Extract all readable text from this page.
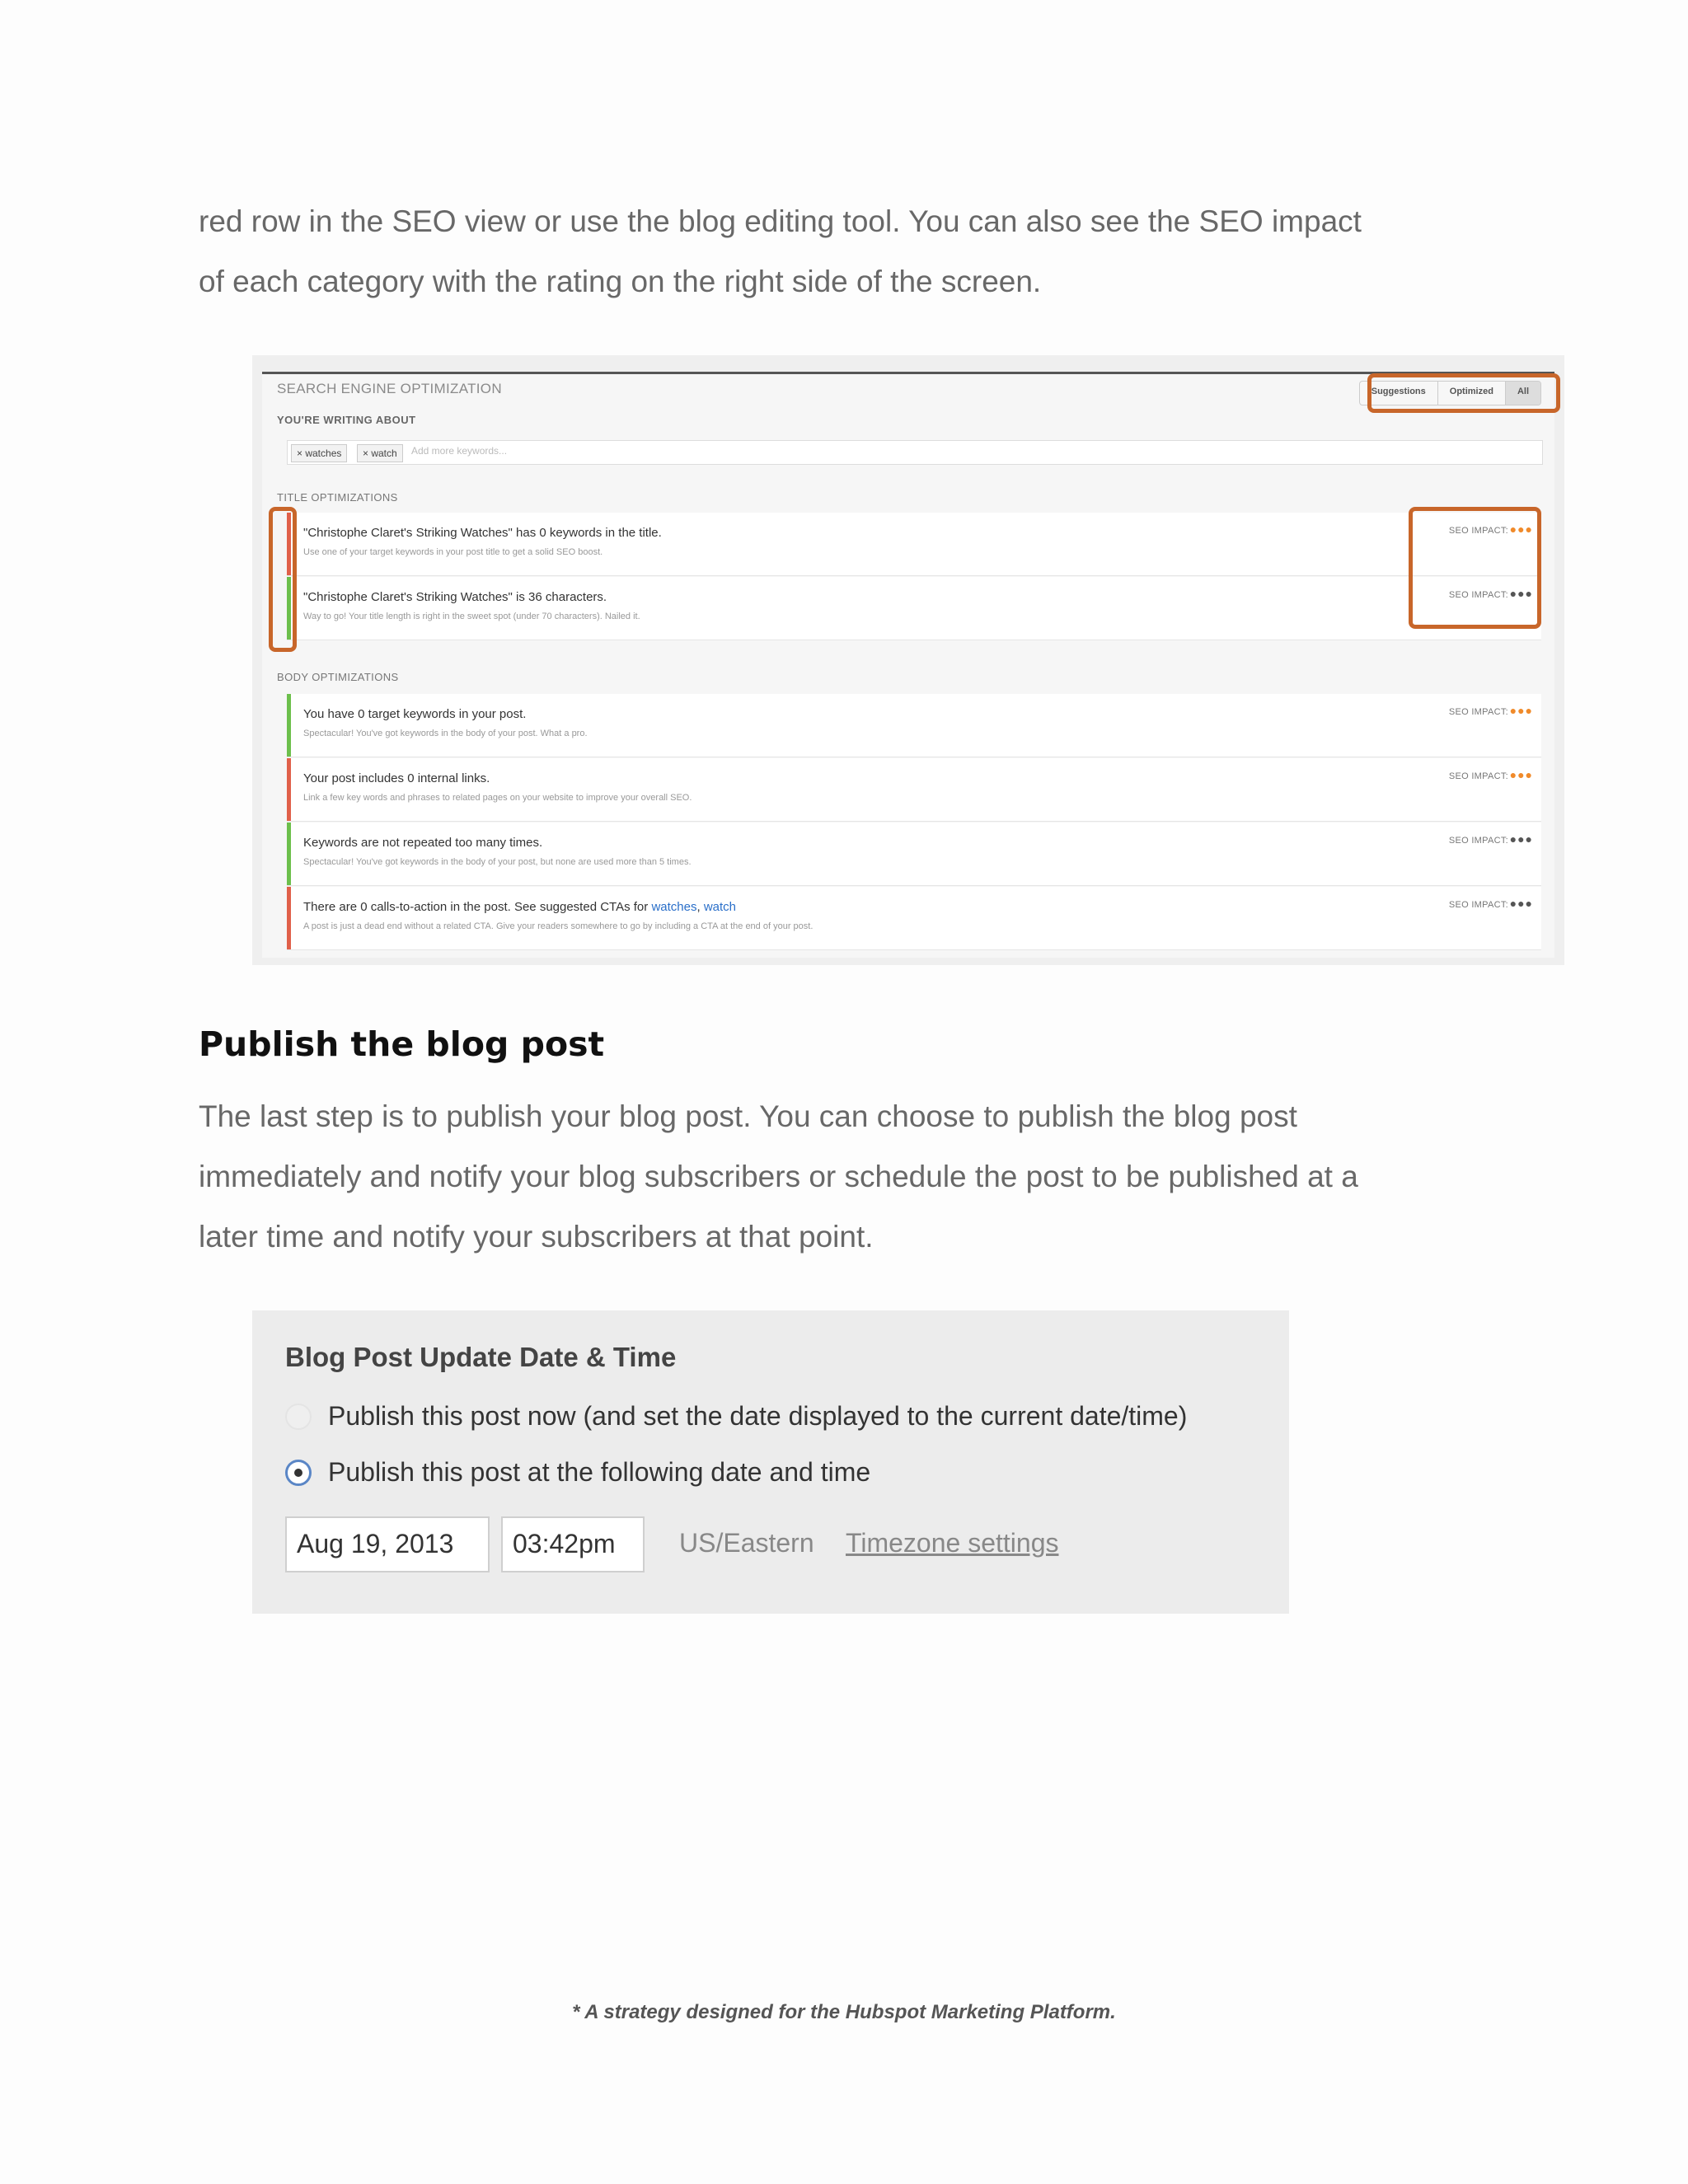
red row in the SEO view or use the blog editing tool. You can also see the SEO impact
of each category with the rating on the right side of the screen.

SEARCH ENGINE OPTIMIZATION	Suggestions	Optimized	All
YOU'RE WRITING ABOUT
× watches	× watch	Add more keywords...
TITLE OPTIMIZATIONS
"Christophe Claret's Striking Watches" has 0 keywords in the title.
Use one of your target keywords in your post title to get a solid SEO boost.
SEO IMPACT: ●●●
"Christophe Claret's Striking Watches" is 36 characters.
Way to go! Your title length is right in the sweet spot (under 70 characters). Nailed it.
SEO IMPACT: ●●●
BODY OPTIMIZATIONS
You have 0 target keywords in your post.
Spectacular! You've got keywords in the body of your post. What a pro.
SEO IMPACT: ●●●
Your post includes 0 internal links.
Link a few key words and phrases to related pages on your website to improve your overall SEO.
SEO IMPACT: ●●●
Keywords are not repeated too many times.
Spectacular! You've got keywords in the body of your post, but none are used more than 5 times.
SEO IMPACT: ●●●
There are 0 calls-to-action in the post. See suggested CTAs for watches, watch
A post is just a dead end without a related CTA. Give your readers somewhere to go by including a CTA at the end of your post.
SEO IMPACT: ●●●
Publish the blog post

The last step is to publish your blog post. You can choose to publish the blog post
immediately and notify your blog subscribers or schedule the post to be published at a
later time and notify your subscribers at that point.

Blog Post Update Date & Time
Publish this post now (and set the date displayed to the current date/time)
Publish this post at the following date and time
Aug 19, 2013	03:42pm	US/Eastern Timezone settings
* A strategy designed for the Hubspot Marketing Platform.
